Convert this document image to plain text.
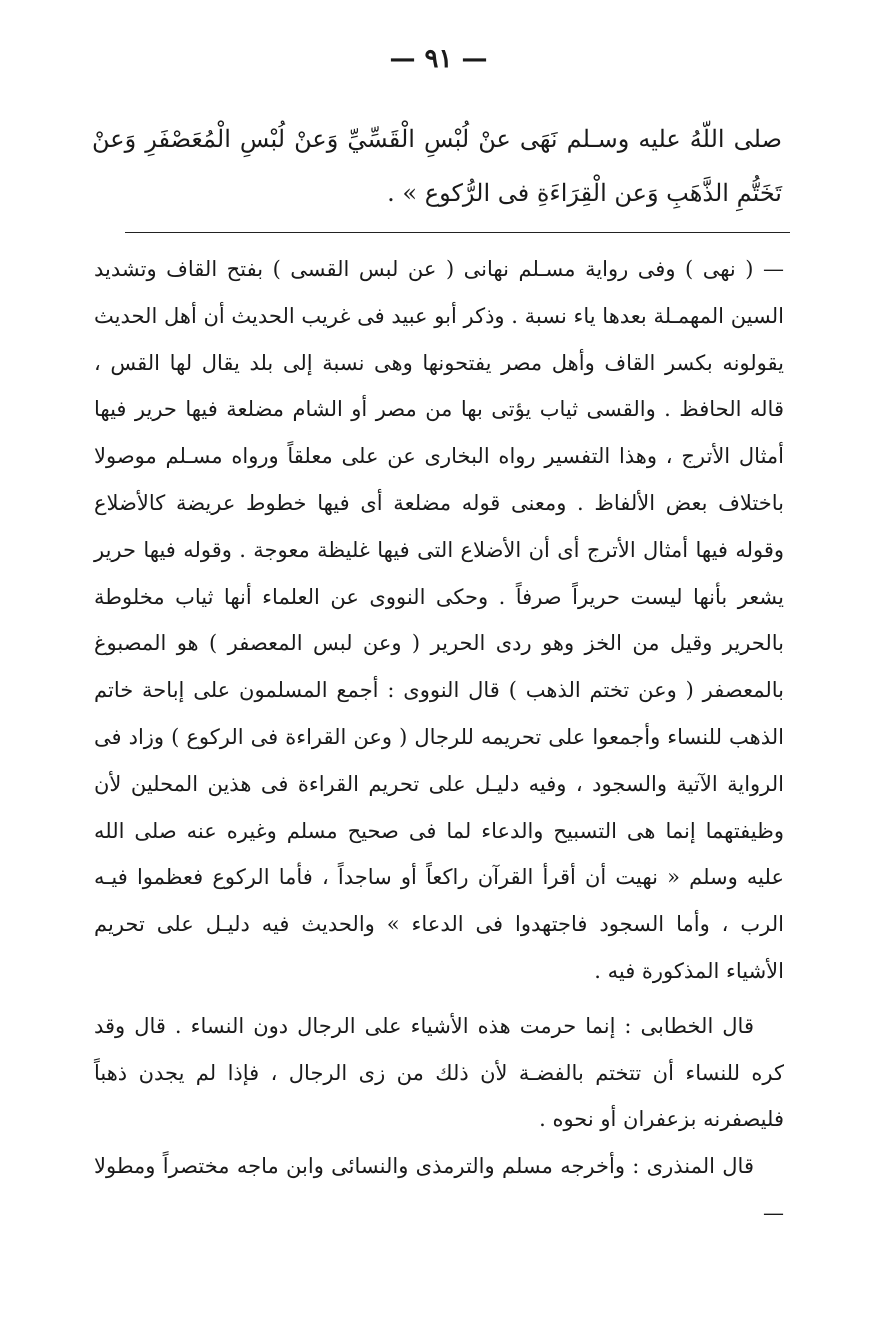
— ٩١ —
صلى اللّهُ عليه وسـلم نَهَى عنْ لُبْسِ الْقَسِّيِّ وَعنْ لُبْسِ الْمُعَصْفَرِ وَعنْ تَخَتُّمِ الذَّهَبِ وَعن الْقِرَاءَةِ فى الرُّكوع » .

— ( نهى ) وفى رواية مسـلم نهانى ( عن لبس القسى ) بفتح القاف وتشديد السين المهمـلة بعدها ياء نسبة . وذكر أبو عبيد فى غريب الحديث أن أهل الحديث يقولونه بكسر القاف وأهل مصر يفتحونها وهى نسبة إلى بلد يقال لها القس ، قاله الحافظ . والقسى ثياب يؤتى بها من مصر أو الشام مضلعة فيها حرير فيها أمثال الأترج ، وهذا التفسير رواه البخارى عن على معلقاً ورواه مسـلم موصولا باختلاف بعض الألفاظ . ومعنى قوله مضلعة أى فيها خطوط عريضة كالأضلاع وقوله فيها أمثال الأترج أى أن الأضلاع التى فيها غليظة معوجة . وقوله فيها حرير يشعر بأنها ليست حريراً صرفاً . وحكى النووى عن العلماء أنها ثياب مخلوطة بالحرير وقيل من الخز وهو ردى الحرير ( وعن لبس المعصفر ) هو المصبوغ بالمعصفر ( وعن تختم الذهب ) قال النووى : أجمع المسلمون على إباحة خاتم الذهب للنساء وأجمعوا على تحريمه للرجال ( وعن القراءة فى الركوع ) وزاد فى الرواية الآتية والسجود ، وفيه دليـل على تحريم القراءة فى هذين المحلين لأن وظيفتهما إنما هى التسبيح والدعاء لما فى صحيح مسلم وغيره عنه صلى الله عليه وسلم « نهيت أن أقرأ القرآن راكعاً أو ساجداً ، فأما الركوع فعظموا فيـه الرب ، وأما السجود فاجتهدوا فى الدعاء » والحديث فيه دليـل على تحريم الأشياء المذكورة فيه .

قال الخطابى : إنما حرمت هذه الأشياء على الرجال دون النساء . قال وقد كره للنساء أن تتختم بالفضـة لأن ذلك من زى الرجال ، فإذا لم يجدن ذهباً فليصفرنه بزعفران أو نحوه .

قال المنذرى : وأخرجه مسلم والترمذى والنسائى وابن ماجه مختصراً ومطولا —
